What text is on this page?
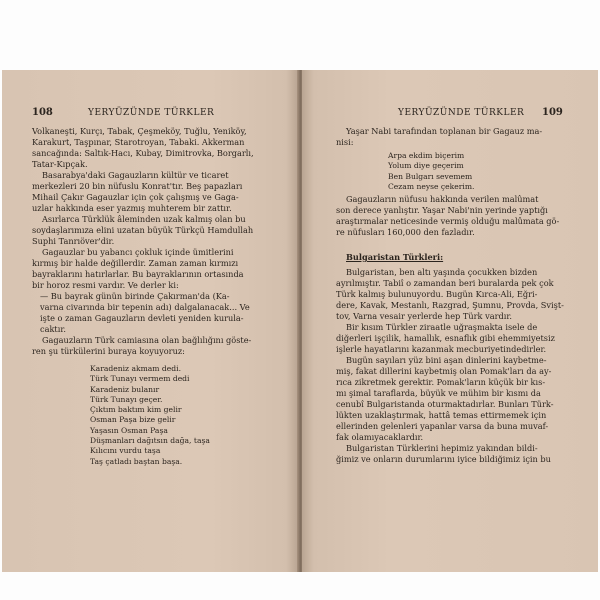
108	YERYÜZÜNDE TÜRKLER
Volkaneşti, Kurçı, Tabak, Çeşmeköy, Tuğlu, Yeniköy,
Karakurt, Taşpınar, Starotroyan, Tabaki. Akkerman
sancağında: Saltık-Hacı, Kubay, Dimitrovka, Borgarlı,
Tatar-Kıpçak.
Basarabya'daki Gagauzların kültür ve ticaret
merkezleri 20 bin nüfuslu Konrat'tır. Beş papazları
Mihail Çakır Gagauzlar için çok çalışmış ve Gaga-
uzlar hakkında eser yazmış muhterem bir zattır.
Asırlarca Türklük âleminden uzak kalmış olan bu
soydaşlarımıza elini uzatan büyük Türkçü Hamdullah
Suphi Tanrıöver'dir.
Gagauzlar bu yabancı çokluk içinde ümitlerini
kırmış bir halde değillerdir. Zaman zaman kırmızı
bayraklarını hatırlarlar. Bu bayraklarının ortasında
bir horoz resmi vardır. Ve derler ki:
— Bu bayrak günün birinde Çakırman'da (Ka-
varna civarında bir tepenin adı) dalgalanacak... Ve
işte o zaman Gagauzların devleti yeniden kurula-
caktır.
Gagauzların Türk camiasına olan bağlılığını göste-
ren şu türkülerini buraya koyuyoruz:
Karadeniz akmam dedi.
Türk Tunayı vermem dedi
Karadeniz bulanır
Türk Tunayı geçer.
Çıktım baktım kim gelir
Osman Paşa bize gelir
Yaşasın Osman Paşa
Düşmanları dağıtsın dağa, taşa
Kılıcını vurdu taşa
Taş çatladı baştan başa.
YERYÜZÜNDE TÜRKLER 109
Yaşar Nabi tarafından toplanan bir Gagauz ma-
nisi:
Arpa ekdim biçerim
Yolum diye geçerim
Ben Bulgarı sevemem
Cezam neyse çekerim.
Gagauzların nüfusu hakkında verilen malûmat
son derece yanlıştır. Yaşar Nabi'nin yerinde yaptığı
araştırmalar neticesinde vermiş olduğu malûmata gö-
re nüfusları 160,000 den fazladır.
Bulgaristan Türkleri:
Bulgaristan, ben altı yaşında çocukken bizden
ayrılmıştır. Tabiî o zamandan beri buralarda pek çok
Türk kalmış bulunuyordu. Bugün Kırca-Ali, Eğri-
dere, Kavak, Mestanlı, Razgrad, Şumnu, Provda, Svişt-
tov, Varna vesair yerlerde hep Türk vardır.
Bir kısım Türkler ziraatle uğraşmakta isele de
diğerleri işçilik, hamallık, esnaflık gibi ehemmiyetsiz
işlerle hayatlarını kazanmak mecburiyetindedirler.
Bugün sayıları yüz bini aşan dinlerini kaybetme-
miş, fakat dillerini kaybetmiş olan Pomak'ları da ay-
rıca zikretmek gerektir. Pomak'ların küçük bir kıs-
mı şimal taraflarda, büyük ve mühim bir kısmı da
cenubî Bulgaristanda oturmaktadırlar. Bunları Türk-
lükten uzaklaştırmak, hattâ temas ettirmemek için
ellerinden gelenleri yapanlar varsa da buna muvaf-
fak olamıyacaklardır.
Bulgaristan Türklerini hepimiz yakından bildi-
ğimiz ve onların durumlarını iyice bildiğimiz için bu
